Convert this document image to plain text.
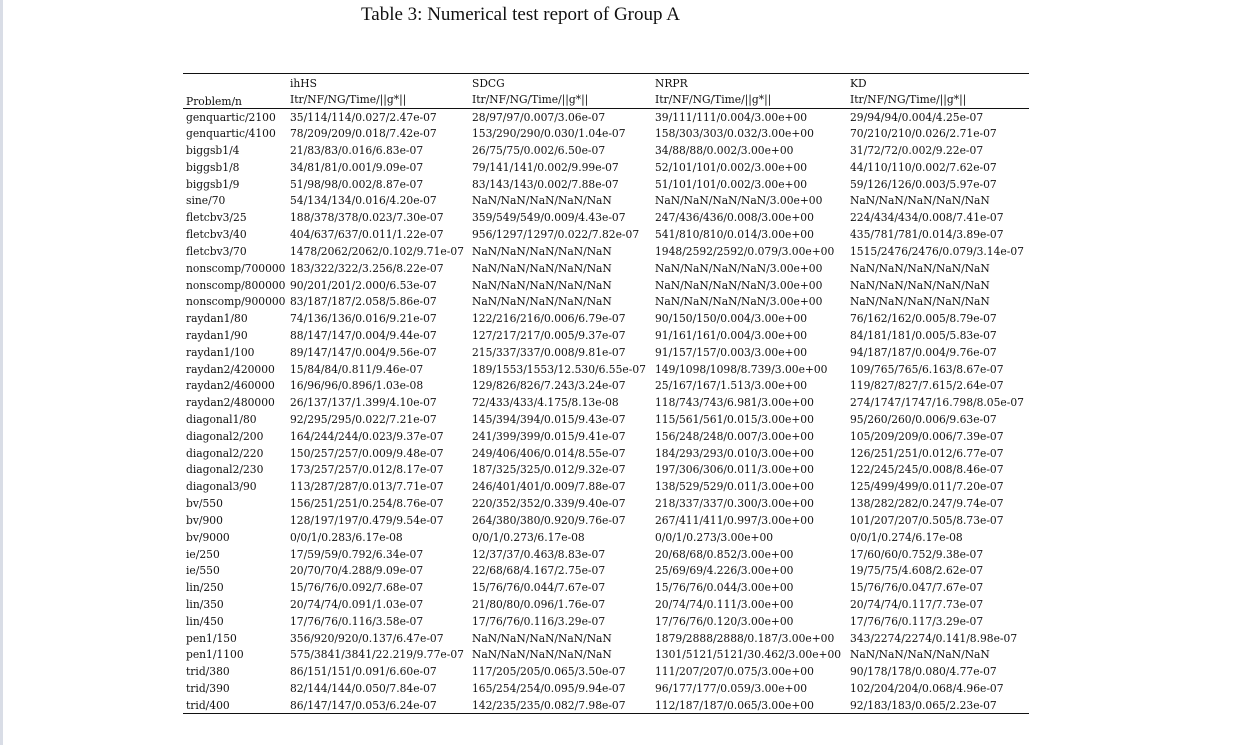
Table 3: Numerical test report of Group A
Problem/n	ihHS	SDCG	NRPR	KD
	Itr/NF/NG/Time/||g*||	Itr/NF/NG/Time/||g*||	Itr/NF/NG/Time/||g*||	Itr/NF/NG/Time/||g*||
genquartic/2100	35/114/114/0.027/2.47e-07	28/97/97/0.007/3.06e-07	39/111/111/0.004/3.00e+00	29/94/94/0.004/4.25e-07
genquartic/4100	78/209/209/0.018/7.42e-07	153/290/290/0.030/1.04e-07	158/303/303/0.032/3.00e+00	70/210/210/0.026/2.71e-07
biggsb1/4	21/83/83/0.016/6.83e-07	26/75/75/0.002/6.50e-07	34/88/88/0.002/3.00e+00	31/72/72/0.002/9.22e-07
biggsb1/8	34/81/81/0.001/9.09e-07	79/141/141/0.002/9.99e-07	52/101/101/0.002/3.00e+00	44/110/110/0.002/7.62e-07
biggsb1/9	51/98/98/0.002/8.87e-07	83/143/143/0.002/7.88e-07	51/101/101/0.002/3.00e+00	59/126/126/0.003/5.97e-07
sine/70	54/134/134/0.016/4.20e-07	NaN/NaN/NaN/NaN/NaN	NaN/NaN/NaN/NaN/3.00e+00	NaN/NaN/NaN/NaN/NaN
fletcbv3/25	188/378/378/0.023/7.30e-07	359/549/549/0.009/4.43e-07	247/436/436/0.008/3.00e+00	224/434/434/0.008/7.41e-07
fletcbv3/40	404/637/637/0.011/1.22e-07	956/1297/1297/0.022/7.82e-07	541/810/810/0.014/3.00e+00	435/781/781/0.014/3.89e-07
fletcbv3/70	1478/2062/2062/0.102/9.71e-07	NaN/NaN/NaN/NaN/NaN	1948/2592/2592/0.079/3.00e+00	1515/2476/2476/0.079/3.14e-07
nonscomp/700000	183/322/322/3.256/8.22e-07	NaN/NaN/NaN/NaN/NaN	NaN/NaN/NaN/NaN/3.00e+00	NaN/NaN/NaN/NaN/NaN
nonscomp/800000	90/201/201/2.000/6.53e-07	NaN/NaN/NaN/NaN/NaN	NaN/NaN/NaN/NaN/3.00e+00	NaN/NaN/NaN/NaN/NaN
nonscomp/900000	83/187/187/2.058/5.86e-07	NaN/NaN/NaN/NaN/NaN	NaN/NaN/NaN/NaN/3.00e+00	NaN/NaN/NaN/NaN/NaN
raydan1/80	74/136/136/0.016/9.21e-07	122/216/216/0.006/6.79e-07	90/150/150/0.004/3.00e+00	76/162/162/0.005/8.79e-07
raydan1/90	88/147/147/0.004/9.44e-07	127/217/217/0.005/9.37e-07	91/161/161/0.004/3.00e+00	84/181/181/0.005/5.83e-07
raydan1/100	89/147/147/0.004/9.56e-07	215/337/337/0.008/9.81e-07	91/157/157/0.003/3.00e+00	94/187/187/0.004/9.76e-07
raydan2/420000	15/84/84/0.811/9.46e-07	189/1553/1553/12.530/6.55e-07	149/1098/1098/8.739/3.00e+00	109/765/765/6.163/8.67e-07
raydan2/460000	16/96/96/0.896/1.03e-08	129/826/826/7.243/3.24e-07	25/167/167/1.513/3.00e+00	119/827/827/7.615/2.64e-07
raydan2/480000	26/137/137/1.399/4.10e-07	72/433/433/4.175/8.13e-08	118/743/743/6.981/3.00e+00	274/1747/1747/16.798/8.05e-07
diagonal1/80	92/295/295/0.022/7.21e-07	145/394/394/0.015/9.43e-07	115/561/561/0.015/3.00e+00	95/260/260/0.006/9.63e-07
diagonal2/200	164/244/244/0.023/9.37e-07	241/399/399/0.015/9.41e-07	156/248/248/0.007/3.00e+00	105/209/209/0.006/7.39e-07
diagonal2/220	150/257/257/0.009/9.48e-07	249/406/406/0.014/8.55e-07	184/293/293/0.010/3.00e+00	126/251/251/0.012/6.77e-07
diagonal2/230	173/257/257/0.012/8.17e-07	187/325/325/0.012/9.32e-07	197/306/306/0.011/3.00e+00	122/245/245/0.008/8.46e-07
diagonal3/90	113/287/287/0.013/7.71e-07	246/401/401/0.009/7.88e-07	138/529/529/0.011/3.00e+00	125/499/499/0.011/7.20e-07
bv/550	156/251/251/0.254/8.76e-07	220/352/352/0.339/9.40e-07	218/337/337/0.300/3.00e+00	138/282/282/0.247/9.74e-07
bv/900	128/197/197/0.479/9.54e-07	264/380/380/0.920/9.76e-07	267/411/411/0.997/3.00e+00	101/207/207/0.505/8.73e-07
bv/9000	0/0/1/0.283/6.17e-08	0/0/1/0.273/6.17e-08	0/0/1/0.273/3.00e+00	0/0/1/0.274/6.17e-08
ie/250	17/59/59/0.792/6.34e-07	12/37/37/0.463/8.83e-07	20/68/68/0.852/3.00e+00	17/60/60/0.752/9.38e-07
ie/550	20/70/70/4.288/9.09e-07	22/68/68/4.167/2.75e-07	25/69/69/4.226/3.00e+00	19/75/75/4.608/2.62e-07
lin/250	15/76/76/0.092/7.68e-07	15/76/76/0.044/7.67e-07	15/76/76/0.044/3.00e+00	15/76/76/0.047/7.67e-07
lin/350	20/74/74/0.091/1.03e-07	21/80/80/0.096/1.76e-07	20/74/74/0.111/3.00e+00	20/74/74/0.117/7.73e-07
lin/450	17/76/76/0.116/3.58e-07	17/76/76/0.116/3.29e-07	17/76/76/0.120/3.00e+00	17/76/76/0.117/3.29e-07
pen1/150	356/920/920/0.137/6.47e-07	NaN/NaN/NaN/NaN/NaN	1879/2888/2888/0.187/3.00e+00	343/2274/2274/0.141/8.98e-07
pen1/1100	575/3841/3841/22.219/9.77e-07	NaN/NaN/NaN/NaN/NaN	1301/5121/5121/30.462/3.00e+00	NaN/NaN/NaN/NaN/NaN
trid/380	86/151/151/0.091/6.60e-07	117/205/205/0.065/3.50e-07	111/207/207/0.075/3.00e+00	90/178/178/0.080/4.77e-07
trid/390	82/144/144/0.050/7.84e-07	165/254/254/0.095/9.94e-07	96/177/177/0.059/3.00e+00	102/204/204/0.068/4.96e-07
trid/400	86/147/147/0.053/6.24e-07	142/235/235/0.082/7.98e-07	112/187/187/0.065/3.00e+00	92/183/183/0.065/2.23e-07
